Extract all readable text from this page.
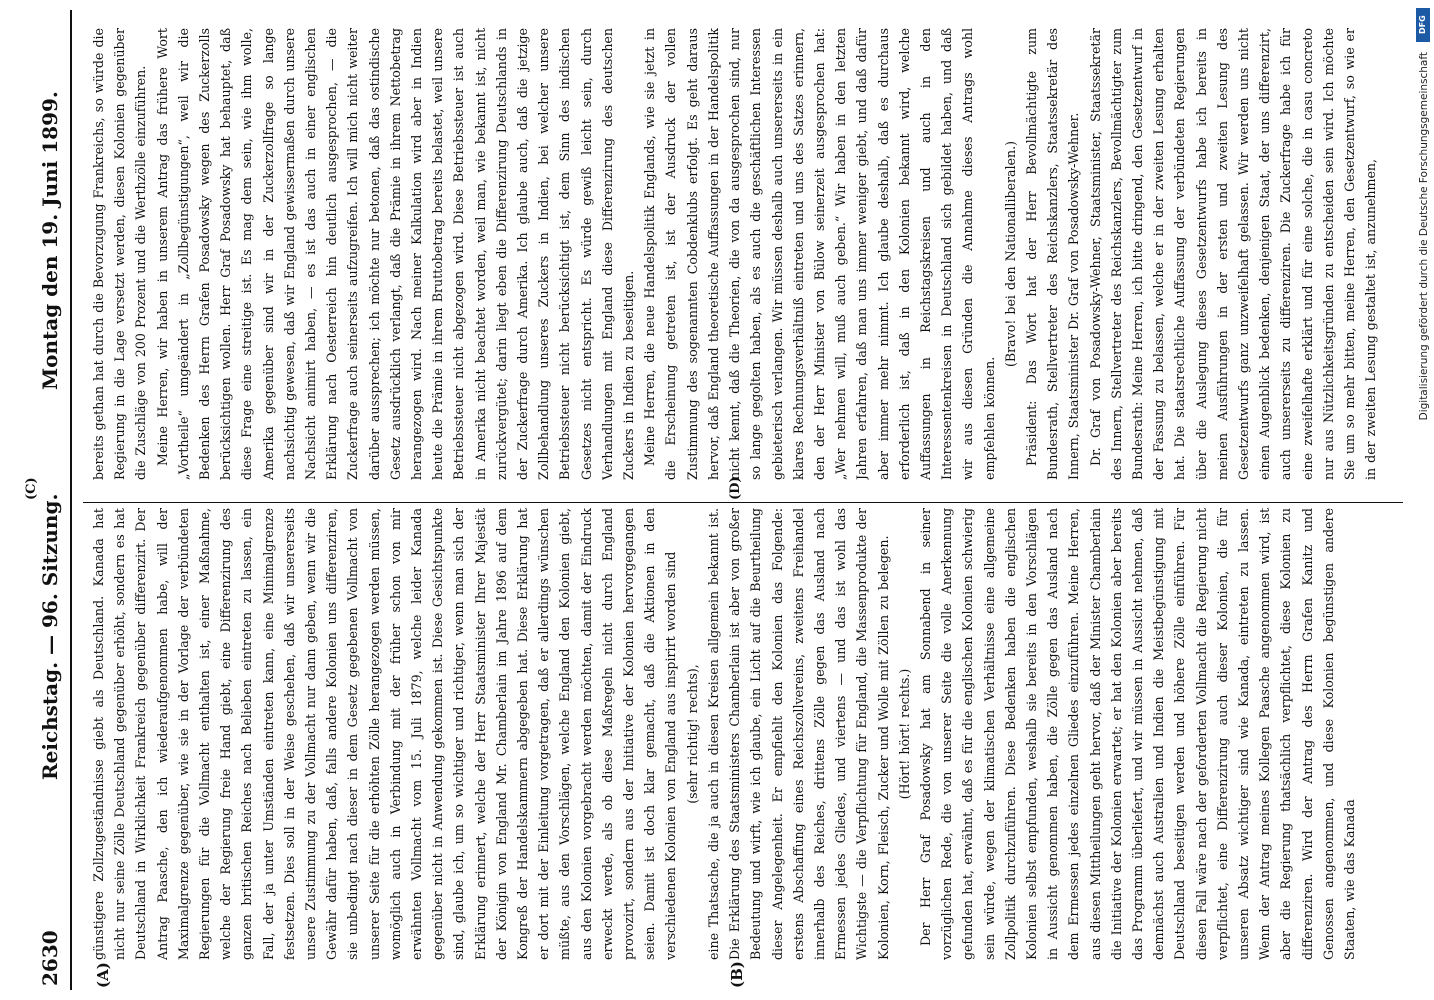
2630
Reichstag. — 96. Sitzung.
Montag den 19. Juni 1899.
(A)	(B)
(C)	(D)

günstigere Zollzugeständnisse giebt als Deutschland. Kanada hat nicht nur seine Zölle Deutschland gegenüber erhöht, sondern es hat Deutschland in Wirklichkeit Frankreich gegenüber differenzirt. Der Antrag Paasche, den ich wiederaufgenommen habe, will der Maximalgrenze gegenüber, wie sie in der Vorlage der verbündeten Regierungen für die Vollmacht enthalten ist, einer Maßnahme, welche der Regierung freie Hand giebt, eine Differenzirung des ganzen britischen Reiches nach Belieben eintreten zu lassen, ein Fall, der ja unter Umständen eintreten kann, eine Minimalgrenze festsetzen. Dies soll in der Weise geschehen, daß wir unsererseits unsere Zustimmung zu der Vollmacht nur dann geben, wenn wir die Gewähr dafür haben, daß, falls andere Kolonien uns differenziren, sie unbedingt nach dieser in dem Gesetz gegebenen Vollmacht von unserer Seite für die erhöhten Zölle herangezogen werden müssen, womöglich auch in Verbindung mit der früher schon von mir erwähnten Vollmacht vom 15. Juli 1879, welche leider Kanada gegenüber nicht in Anwendung gekommen ist. Diese Gesichtspunkte sind, glaube ich, um so wichtiger und richtiger, wenn man sich der Erklärung erinnert, welche der Herr Staatsminister Ihrer Majestät der Königin von England Mr. Chamberlain im Jahre 1896 auf dem Kongreß der Handelskammern abgegeben hat. Diese Erklärung hat er dort mit der Einleitung vorgetragen, daß er allerdings wünschen müßte, aus den Vorschlägen, welche England den Kolonien giebt, aus den Kolonien vorgebracht werden möchten, damit der Eindruck erweckt werde, als ob diese Maßregeln nicht durch England provozirt, sondern aus der Initiative der Kolonien hervorgegangen seien. Damit ist doch klar gemacht, daß die Aktionen in den verschiedenen Kolonien von England aus inspirirt worden sind (sehr richtig! rechts), eine Thatsache, die ja auch in diesen Kreisen allgemein bekannt ist. Die Erklärung des Staatsministers Chamberlain ist aber von großer Bedeutung und wirft, wie ich glaube, ein Licht auf die Beurtheilung dieser Angelegenheit. Er empfiehlt den Kolonien das Folgende: erstens Abschaffung eines Reichszollvereins, zweitens Freihandel innerhalb des Reiches, drittens Zölle gegen das Ausland nach Ermessen jedes Gliedes, und viertens — und das ist wohl das Wichtigste — die Verpflichtung für England, die Massenprodukte der Kolonien, Korn, Fleisch, Zucker und Wolle mit Zöllen zu belegen. (Hört! hört! rechts.) Der Herr Graf Posadowsky hat am Sonnabend in seiner vorzüglichen Rede, die von unserer Seite die volle Anerkennung gefunden hat, erwähnt, daß es für die englischen Kolonien schwierig sein würde, wegen der klimatischen Verhältnisse eine allgemeine Zollpolitik durchzuführen. Diese Bedenken haben die englischen Kolonien selbst empfunden, weshalb sie bereits in den Vorschlägen in Aussicht genommen haben, die Zölle gegen das Ausland nach dem Ermessen jedes einzelnen Gliedes einzuführen. Meine Herren, aus diesen Mittheilungen geht hervor, daß der Minister Chamberlain die Initiative der Kolonien erwartet; er hat den Kolonien aber bereits das Programm überliefert, und wir müssen in Aussicht nehmen, daß demnächst auch Australien und Indien die Meistbegünstigung mit Deutschland beseitigen werden und höhere Zölle einführen. Für diesen Fall wäre nach der geforderten Vollmacht die Regierung nicht verpflichtet, eine Differenzirung auch dieser Kolonien, die für unseren Absatz wichtiger sind wie Kanada, eintreten zu lassen. Wenn der Antrag meines Kollegen Paasche angenommen wird, ist aber die Regierung thatsächlich verpflichtet, diese Kolonien zu differenziren. Wird der Antrag des Herrn Grafen Kanitz und Genossen angenommen, und diese Kolonien begünstigen andere Staaten, wie das Kanada

bereits gethan hat durch die Bevorzugung Frankreichs, so würde die Regierung in die Lage versetzt werden, diesen Kolonien gegenüber die Zuschläge von 200 Prozent und die Werthzölle einzuführen. Meine Herren, wir haben in unserem Antrag das frühere Wort „Vortheile“ umgeändert in „Zollbegünstigungen“, weil wir die Bedenken des Herrn Grafen Posadowsky wegen des Zuckerzolls berücksichtigen wollen. Herr Graf Posadowsky hat behauptet, daß diese Frage eine streitige ist. Es mag dem sein, wie ihm wolle, Amerika gegenüber sind wir in der Zuckerzollfrage so lange nachsichtig gewesen, daß wir England gewissermaßen durch unsere Nachsicht animirt haben, — es ist das auch in einer englischen Erklärung nach Oesterreich hin deutlich ausgesprochen, — die Zuckerfrage auch seinerseits aufzugreifen. Ich will mich nicht weiter darüber aussprechen; ich möchte nur betonen, daß das ostindische Gesetz ausdrücklich verlangt, daß die Prämie in ihrem Nettobetrag herangezogen wird. Nach meiner Kalkulation wird aber in Indien heute die Prämie in ihrem Bruttobetrag bereits belastet, weil unsere Betriebssteuer nicht abgezogen wird. Diese Betriebssteuer ist auch in Amerika nicht beachtet worden, weil man, wie bekannt ist, nicht zurückvergütet; darin liegt eben die Differenzirung Deutschlands in der Zuckerfrage durch Amerika. Ich glaube auch, daß die jetzige Zollbehandlung unseres Zuckers in Indien, bei welcher unsere Betriebssteuer nicht berücksichtigt ist, dem Sinn des indischen Gesetzes nicht entspricht. Es würde gewiß leicht sein, durch Verhandlungen mit England diese Differenzirung des deutschen Zuckers in Indien zu beseitigen. Meine Herren, die neue Handelspolitik Englands, wie sie jetzt in die Erscheinung getreten ist, ist der Ausdruck der vollen Zustimmung des sogenannten Cobdenklubs erfolgt. Es geht daraus hervor, daß England theoretische Auffassungen in der Handelspolitik nicht kennt, daß die Theorien, die von da ausgesprochen sind, nur so lange gegolten haben, als es auch die geschäftlichen Interessen gebieterisch verlangen. Wir müssen deshalb auch unsererseits in ein klares Rechnungsverhältniß eintreten und uns des Satzes erinnern, den der Herr Minister von Bülow seinerzeit ausgesprochen hat: „Wer nehmen will, muß auch geben.“ Wir haben in den letzten Jahren erfahren, daß man uns immer weniger giebt, und daß dafür aber immer mehr nimmt. Ich glaube deshalb, daß es durchaus erforderlich ist, daß in den Kolonien bekannt wird, welche Auffassungen in Reichstagskreisen und auch in den Interessentenkreisen in Deutschland sich gebildet haben, und daß wir aus diesen Gründen die Annahme dieses Antrags wohl empfehlen können.

(Bravo! bei den Nationalliberalen.) Präsident: Das Wort hat der Herr Bevollmächtigte zum Bundesrath, Stellvertreter des Reichskanzlers, Staatssekretär des Innern, Staatsminister Dr. Graf von Posadowsky-Wehner. Dr. Graf von Posadowsky-Wehner, Staatsminister, Staatssekretär des Innern, Stellvertreter des Reichskanzlers, Bevollmächtigter zum Bundesrath: Meine Herren, ich bitte dringend, den Gesetzentwurf in der Fassung zu belassen, welche er in der zweiten Lesung erhalten hat. Die staatsrechtliche Auffassung der verbündeten Regierungen über die Auslegung dieses Gesetzentwurfs habe ich bereits in meinen Ausführungen in der ersten und zweiten Lesung des Gesetzentwurfs ganz unzweifelhaft gelassen. Wir werden uns nicht einen Augenblick bedenken, denjenigen Staat, der uns differenzirt, auch unsererseits zu differenziren. Die Zuckerfrage habe ich für eine zweifelhafte erklärt und für eine solche, die in casu concreto nur aus Nützlichkeitsgründen zu entscheiden sein wird. Ich möchte Sie um so mehr bitten, meine Herren, den Gesetzentwurf, so wie er in der zweiten Lesung gestaltet ist, anzunehmen,

DFG
Digitalisierung gefördert durch die Deutsche Forschungsgemeinschaft
